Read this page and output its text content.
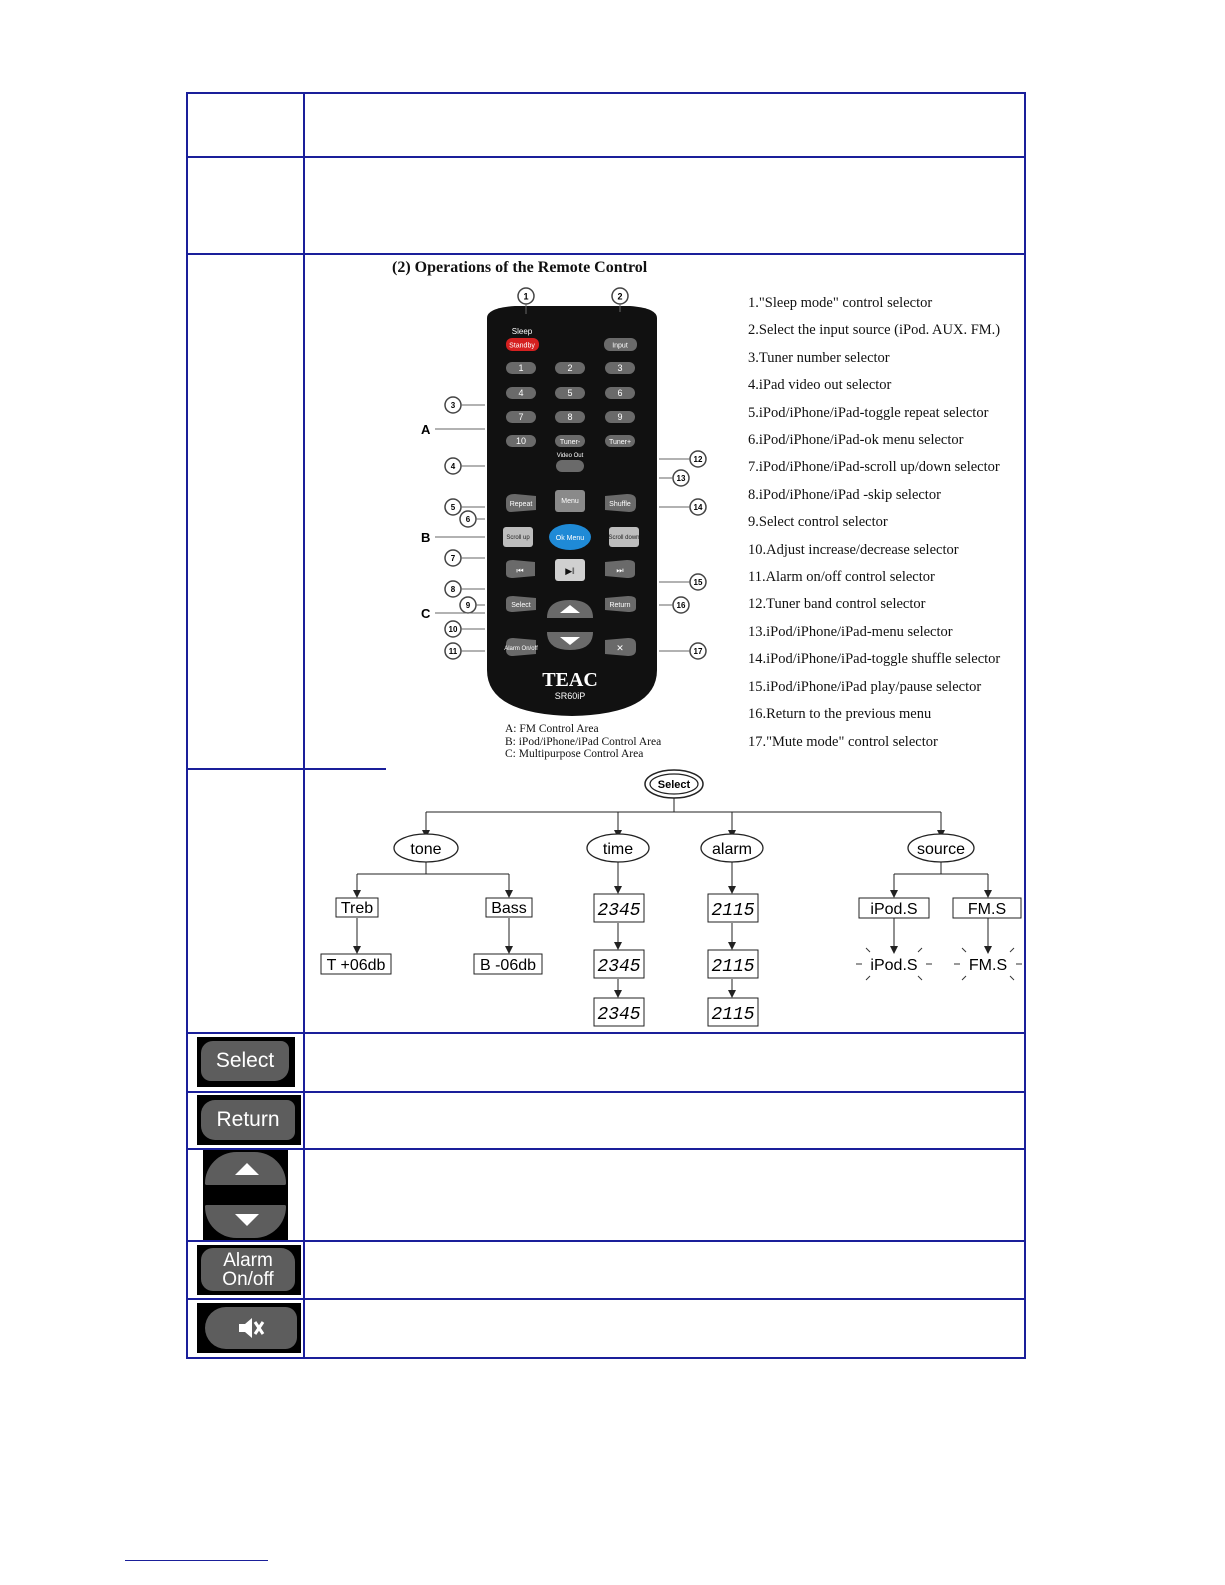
(2) Operations of the Remote Control
1	2
Sleep
Standby	Input
1	2	3
4	5	6
7	8	9
10	Tuner-	Tuner+
Video Out
Repeat	Menu	Shuffle
Scroll up	Ok Menu	Scroll down
⏮	▶‖	⏭
Select	Return
Alarm On/off	✕
TEAC
SR60iP
3
4
5
6
7
8
9
10
11
12
13
14
15
16
17
A
B
C
A: FM Control Area
B: iPod/iPhone/iPad Control Area
C: Multipurpose Control Area
1."Sleep mode" control selector
2.Select the input source (iPod. AUX. FM.)
3.Tuner number selector
4.iPad video out selector
5.iPod/iPhone/iPad-toggle repeat selector
6.iPod/iPhone/iPad-ok menu selector
7.iPod/iPhone/iPad-scroll up/down selector
8.iPod/iPhone/iPad -skip selector
9.Select control selector
10.Adjust increase/decrease selector
11.Alarm on/off control selector
12.Tuner band control selector
13.iPod/iPhone/iPad-menu selector
14.iPod/iPhone/iPad-toggle shuffle selector
15.iPod/iPhone/iPad play/pause selector
16.Return to the previous menu
17."Mute mode" control selector
Select
tone	time	alarm	source
Treb	Bass
T +06db	B -06db
2345
2345
2345
2115
2115
2115
iPod.S	FM.S
iPod.S	FM.S
Select
Return
Alarm
On/off
